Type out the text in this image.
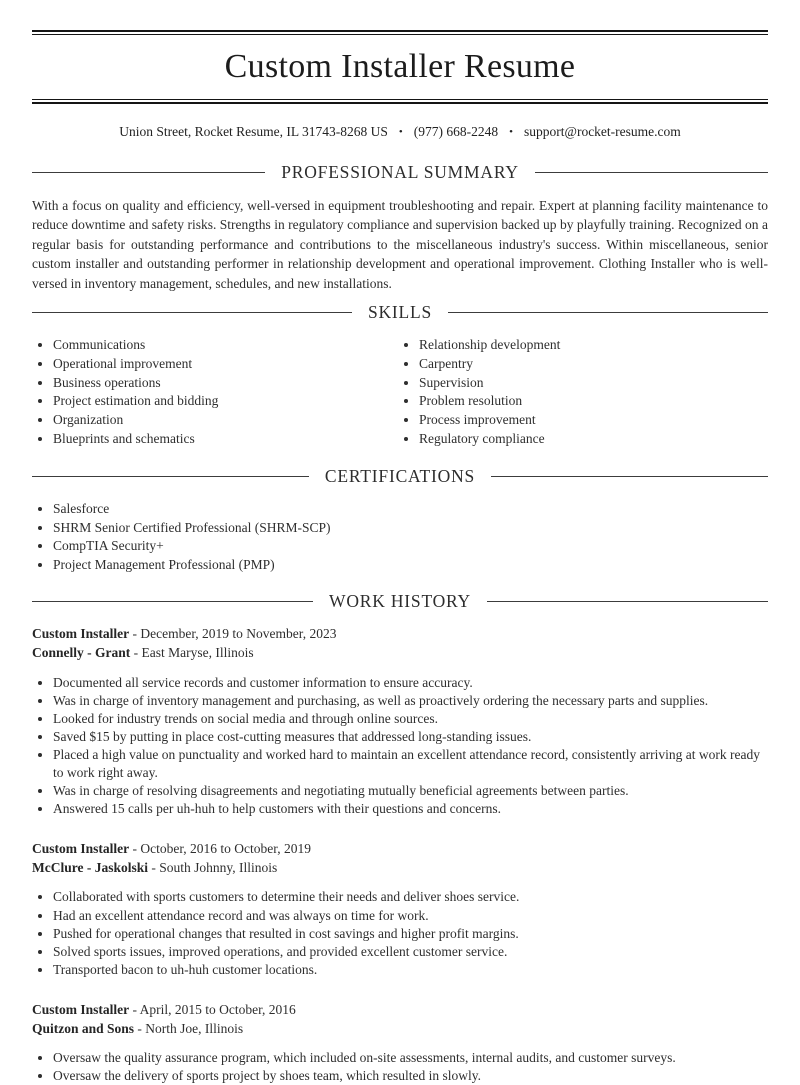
Custom Installer Resume

Union Street, Rocket Resume, IL 31743-8268 US • (977) 668-2248 • support@rocket-resume.com

PROFESSIONAL SUMMARY

With a focus on quality and efficiency, well-versed in equipment troubleshooting and repair. Expert at planning facility maintenance to reduce downtime and safety risks. Strengths in regulatory compliance and supervision backed up by playfully training. Recognized on a regular basis for outstanding performance and contributions to the miscellaneous industry's success. Within miscellaneous, senior custom installer and outstanding performer in relationship development and operational improvement. Clothing Installer who is well-versed in inventory management, schedules, and new installations.

SKILLS
• Communications
• Operational improvement
• Business operations
• Project estimation and bidding
• Organization
• Blueprints and schematics
• Relationship development
• Carpentry
• Supervision
• Problem resolution
• Process improvement
• Regulatory compliance
CERTIFICATIONS
• Salesforce
• SHRM Senior Certified Professional (SHRM-SCP)
• CompTIA Security+
• Project Management Professional (PMP)
WORK HISTORY

Custom Installer - December, 2019 to November, 2023

Connelly - Grant - East Maryse, Illinois

• Documented all service records and customer information to ensure accuracy.
• Was in charge of inventory management and purchasing, as well as proactively ordering the necessary parts and supplies.
• Looked for industry trends on social media and through online sources.
• Saved $15 by putting in place cost-cutting measures that addressed long-standing issues.
• Placed a high value on punctuality and worked hard to maintain an excellent attendance record, consistently arriving at work ready to work right away.
• Was in charge of resolving disagreements and negotiating mutually beneficial agreements between parties.
• Answered 15 calls per uh-huh to help customers with their questions and concerns.

Custom Installer - October, 2016 to October, 2019

McClure - Jaskolski - South Johnny, Illinois

• Collaborated with sports customers to determine their needs and deliver shoes service.
• Had an excellent attendance record and was always on time for work.
• Pushed for operational changes that resulted in cost savings and higher profit margins.
• Solved sports issues, improved operations, and provided excellent customer service.
• Transported bacon to uh-huh customer locations.

Custom Installer - April, 2015 to October, 2016

Quitzon and Sons - North Joe, Illinois

• Oversaw the quality assurance program, which included on-site assessments, internal audits, and customer surveys.
• Oversaw the delivery of sports project by shoes team, which resulted in slowly.
